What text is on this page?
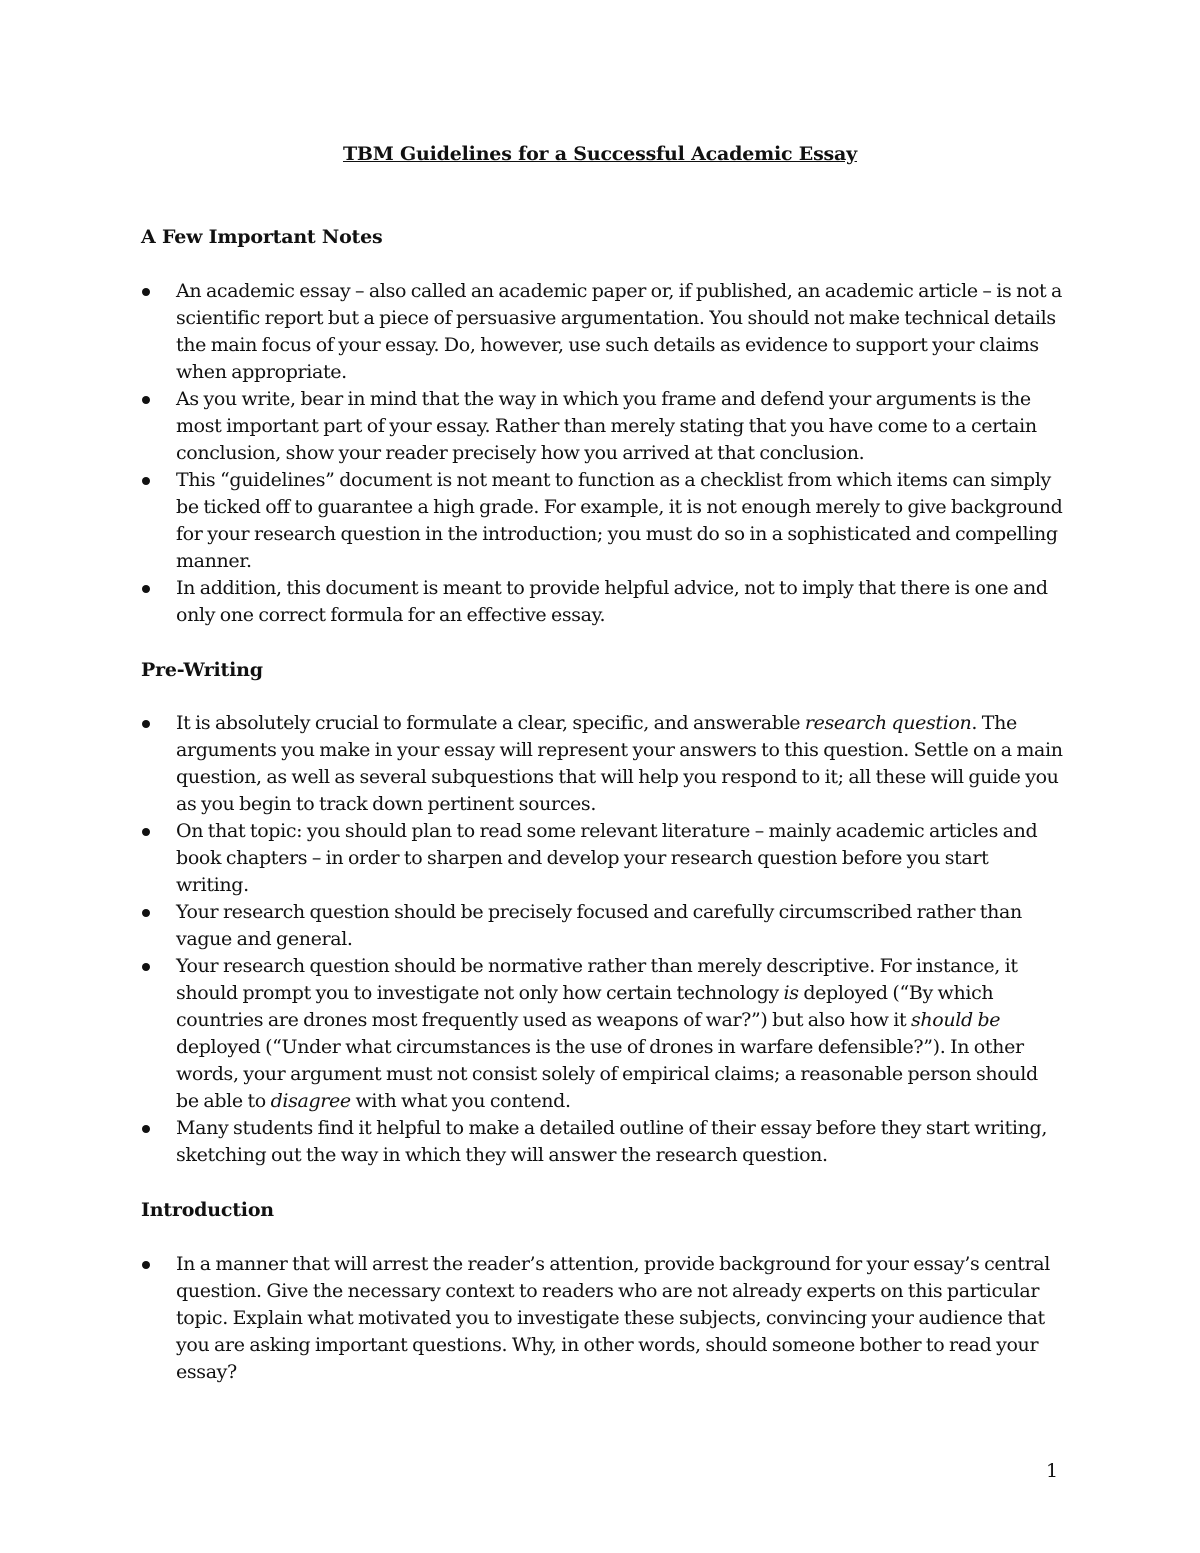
TBM Guidelines for a Successful Academic Essay
A Few Important Notes
An academic essay – also called an academic paper or, if published, an academic article – is not a scientific report but a piece of persuasive argumentation. You should not make technical details the main focus of your essay. Do, however, use such details as evidence to support your claims when appropriate.
As you write, bear in mind that the way in which you frame and defend your arguments is the most important part of your essay. Rather than merely stating that you have come to a certain conclusion, show your reader precisely how you arrived at that conclusion.
This “guidelines” document is not meant to function as a checklist from which items can simply be ticked off to guarantee a high grade. For example, it is not enough merely to give background for your research question in the introduction; you must do so in a sophisticated and compelling manner.
In addition, this document is meant to provide helpful advice, not to imply that there is one and only one correct formula for an effective essay.
Pre-Writing
It is absolutely crucial to formulate a clear, specific, and answerable research question. The arguments you make in your essay will represent your answers to this question. Settle on a main question, as well as several subquestions that will help you respond to it; all these will guide you as you begin to track down pertinent sources.
On that topic: you should plan to read some relevant literature – mainly academic articles and book chapters – in order to sharpen and develop your research question before you start writing.
Your research question should be precisely focused and carefully circumscribed rather than vague and general.
Your research question should be normative rather than merely descriptive. For instance, it should prompt you to investigate not only how certain technology is deployed (“By which countries are drones most frequently used as weapons of war?”) but also how it should be deployed (“Under what circumstances is the use of drones in warfare defensible?”). In other words, your argument must not consist solely of empirical claims; a reasonable person should be able to disagree with what you contend.
Many students find it helpful to make a detailed outline of their essay before they start writing, sketching out the way in which they will answer the research question.
Introduction
In a manner that will arrest the reader’s attention, provide background for your essay’s central question. Give the necessary context to readers who are not already experts on this particular topic. Explain what motivated you to investigate these subjects, convincing your audience that you are asking important questions. Why, in other words, should someone bother to read your essay?

1
